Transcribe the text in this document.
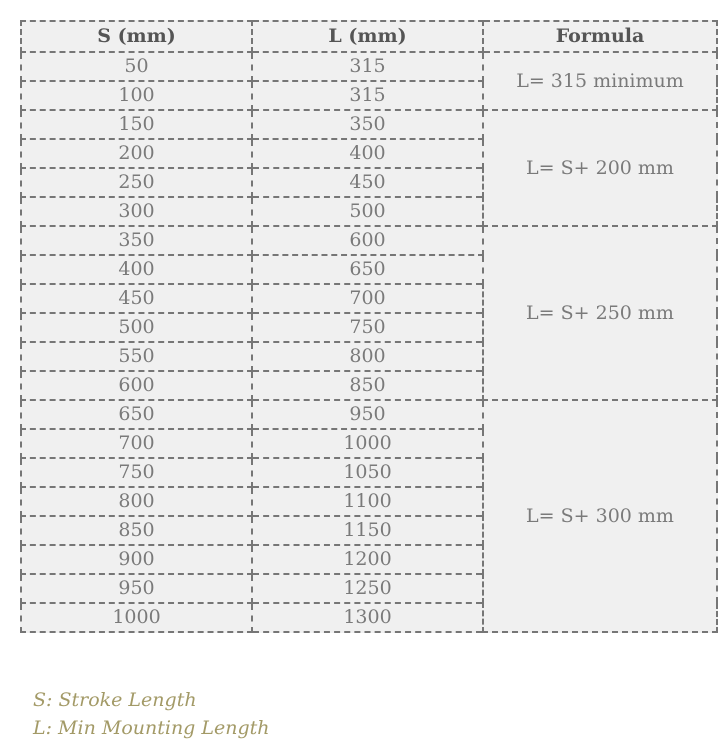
S (mm)	L (mm)	Formula
50	315	L= 315 minimum
100	315	
150	350	L= S+ 200 mm
200	400	
250	450	
300	500	
350	600	L= S+ 250 mm
400	650	
450	700	
500	750	
550	800	
600	850	
650	950	L= S+ 300 mm
700	1000	
750	1050	
800	1100	
850	1150	
900	1200	
950	1250	
1000	1300	
S: Stroke Length
L: Min Mounting Length
